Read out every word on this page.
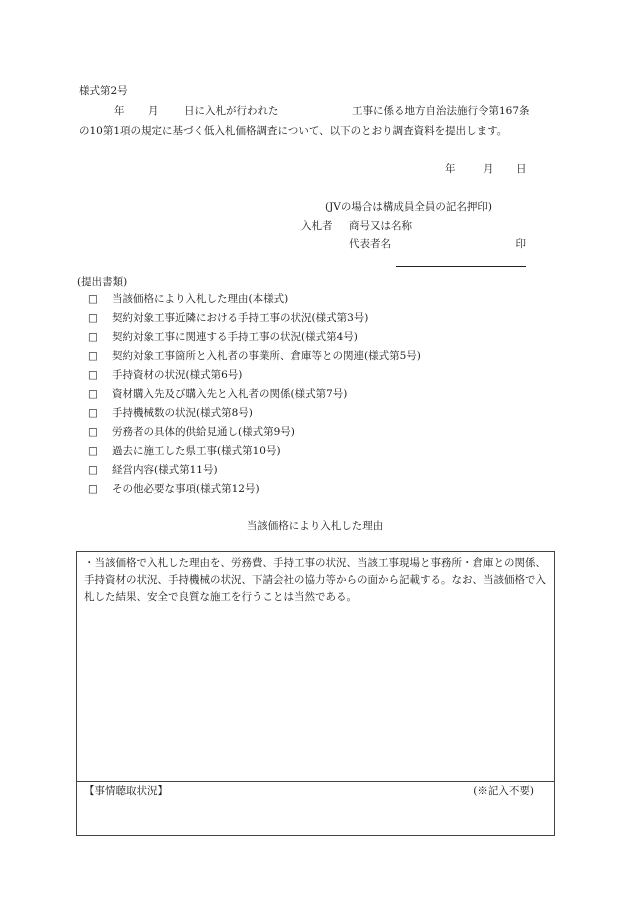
様式第2号
年 月 日に入札が行われた	工事に係る地方自治法施行令第167条
の10第1項の規定に基づく低入札価格調査について、以下のとおり調査資料を提出します。
年	月 日
(JVの場合は構成員全員の記名押印)
入札者 商号又は名称
代表者名	印
(提出書類)
□ 当該価格により入札した理由(本様式)
□ 契約対象工事近隣における手持工事の状況(様式第3号)
□ 契約対象工事に関連する手持工事の状況(様式第4号)
□ 契約対象工事箇所と入札者の事業所、倉庫等との関連(様式第5号)
□ 手持資材の状況(様式第6号)
□ 資材購入先及び購入先と入札者の関係(様式第7号)
□ 手持機械数の状況(様式第8号)
□ 労務者の具体的供給見通し(様式第9号)
□ 過去に施工した県工事(様式第10号)
□ 経営内容(様式第11号)
□ その他必要な事項(様式第12号)
当該価格により入札した理由
・当該価格で入札した理由を、労務費、手持工事の状況、当該工事現場と事務所・倉庫との関係、手持資材の状況、手持機械の状況、下請会社の協力等からの面から記載する。なお、当該価格で入札した結果、安全で良質な施工を行うことは当然である。
【事情聴取状況】	(※記入不要)
